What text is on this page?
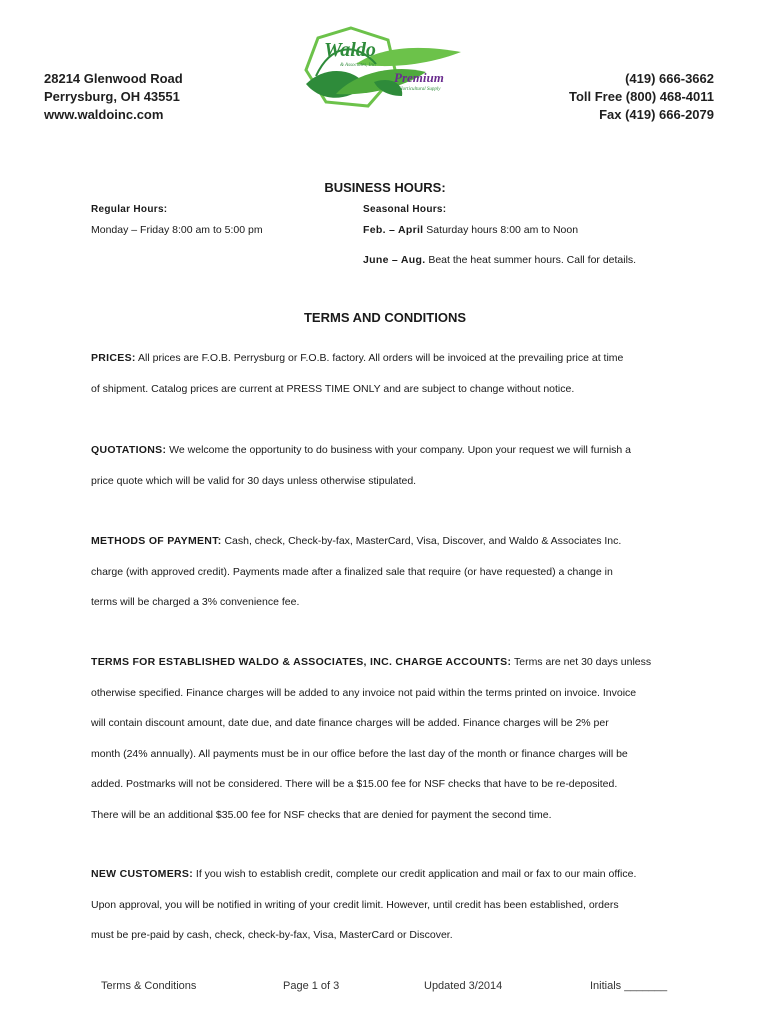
28214 Glenwood Road
Perrysburg, OH 43551
www.waldoinc.com
Waldo
& Associates, Inc.
Premium
Horticultural Supply
(419) 666-3662
Toll Free (800) 468-4011
Fax (419) 666-2079
BUSINESS HOURS:
Regular Hours:
Monday – Friday 8:00 am to 5:00 pm
Seasonal Hours:
Feb. – April Saturday hours 8:00 am to Noon
June – Aug. Beat the heat summer hours. Call for details.
TERMS AND CONDITIONS
PRICES: All prices are F.O.B. Perrysburg or F.O.B. factory. All orders will be invoiced at the prevailing price at time
of shipment. Catalog prices are current at PRESS TIME ONLY and are subject to change without notice.
QUOTATIONS: We welcome the opportunity to do business with your company. Upon your request we will furnish a
price quote which will be valid for 30 days unless otherwise stipulated.
METHODS OF PAYMENT: Cash, check, Check-by-fax, MasterCard, Visa, Discover, and Waldo & Associates Inc.
charge (with approved credit). Payments made after a finalized sale that require (or have requested) a change in
terms will be charged a 3% convenience fee.
TERMS FOR ESTABLISHED WALDO & ASSOCIATES, INC. CHARGE ACCOUNTS: Terms are net 30 days unless
otherwise specified. Finance charges will be added to any invoice not paid within the terms printed on invoice. Invoice
will contain discount amount, date due, and date finance charges will be added. Finance charges will be 2% per
month (24% annually). All payments must be in our office before the last day of the month or finance charges will be
added. Postmarks will not be considered. There will be a $15.00 fee for NSF checks that have to be re-deposited.
There will be an additional $35.00 fee for NSF checks that are denied for payment the second time.
NEW CUSTOMERS: If you wish to establish credit, complete our credit application and mail or fax to our main office.
Upon approval, you will be notified in writing of your credit limit. However, until credit has been established, orders
must be pre-paid by cash, check, check-by-fax, Visa, MasterCard or Discover.
Terms & Conditions	Page 1 of 3	Updated 3/2014	Initials _______
